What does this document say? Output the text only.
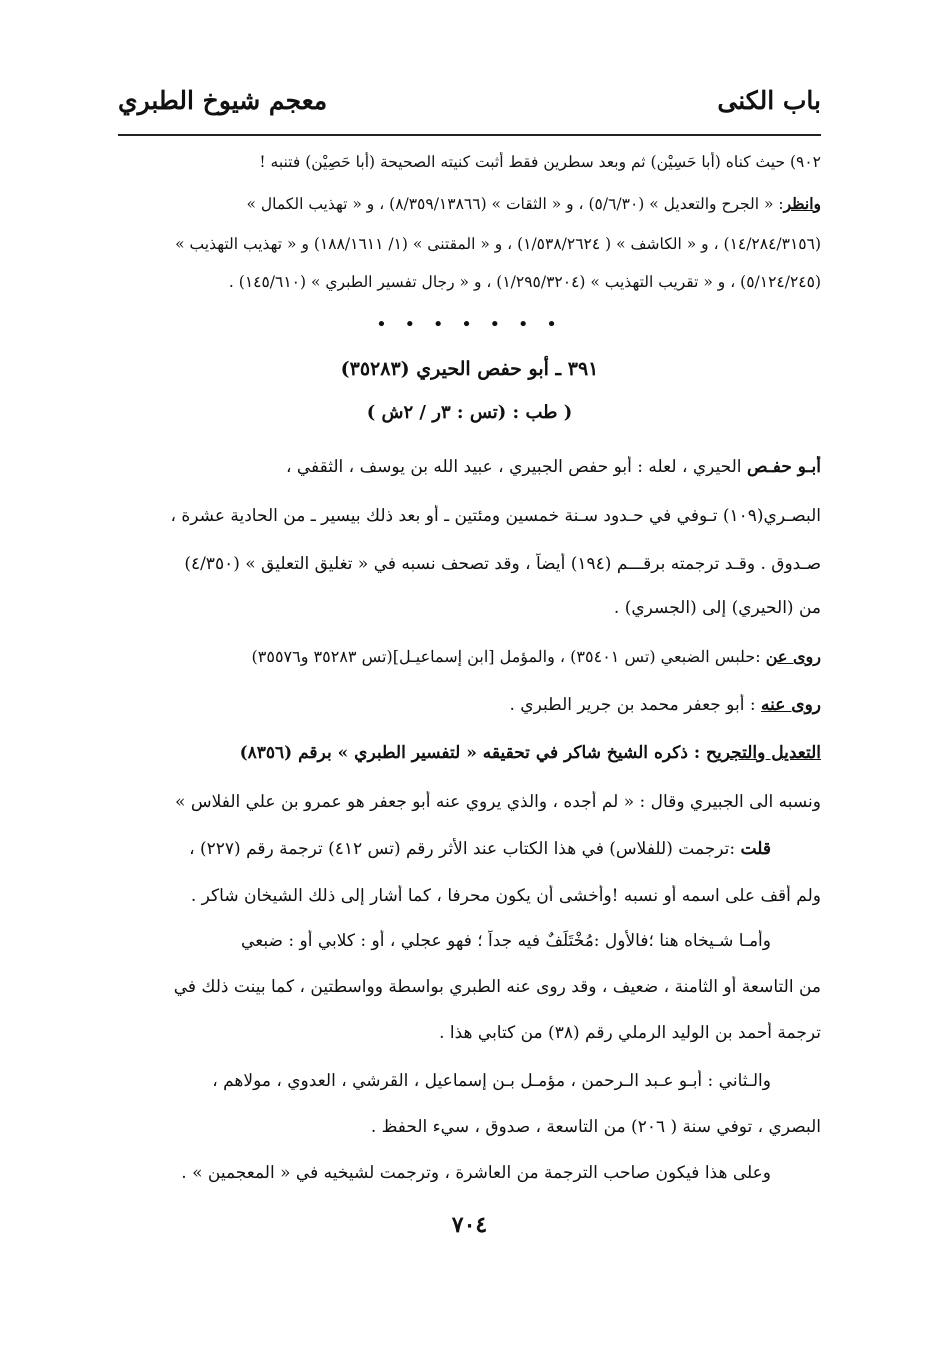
باب الكنى
معجم شيوخ الطبري
٩٠٢) حيث كناه (أبا حَسِيْن) ثم وبعد سطرين فقط أثبت كنيته الصحيحة (أبا حَصِيْن) فتنبه !
وانظر: « الجرح والتعديل » (٥/٦/٣٠) ، و « الثقات » (٨/٣٥٩/١٣٨٦٦) ، و « تهذيب الكمال »
(١٤/٢٨٤/٣١٥٦) ، و « الكاشف » ( ١/٥٣٨/٢٦٢٤) ، و « المقتنى » (١/ ١٨٨/١٦١١) و « تهذيب التهذيب »
(٥/١٢٤/٢٤٥) ، و « تقريب التهذيب » (١/٢٩٥/٣٢٠٤) ، و « رجال تفسير الطبري » (١٤٥/٦١٠) .
• • • • • • •
٣٩١ ـ أبو حفص الحيري (٣٥٢٨٣)
( طب : (تس : ٣ر / ٢ش )
أبـو حفـص الحيري ، لعله : أبو حفص الجبيري ، عبيد الله بن يوسف ، الثقفي ،
البصـري(١٠٩) تـوفي في حـدود سـنة خمسين ومئتين ـ أو بعد ذلك بيسير ـ من الحادية عشرة ،
صـدوق . وقـد ترجمته برقـــم (١٩٤) أيضاً ، وقد تصحف نسبه في « تغليق التعليق » (٤/٣٥٠)
من (الحيري) إلى (الجسري) .
روى عن :حلبس الضبعي (تس ٣٥٤٠١) ، والمؤمل [ابن إسماعيـل](تس ٣٥٢٨٣ و٣٥٥٧٦)
روى عنه : أبو جعفر محمد بن جرير الطبري .
التعديل والتجريح : ذكره الشيخ شاكر في تحقيقه « لتفسير الطبري » برقم (٨٣٥٦)
ونسبه الى الجبيري وقال : « لم أجده ، والذي يروي عنه أبو جعفر هو عمرو بن علي الفلاس »
قلت :ترجمت (للفلاس) في هذا الكتاب عند الأثر رقم (تس ٤١٢) ترجمة رقم (٢٢٧) ،
ولم أقف على اسمه أو نسبه !وأخشى أن يكون محرفا ، كما أشار إلى ذلك الشيخان شاكر .
وأمـا شـيخاه هنا ؛فالأول :مُخْتَلَفٌ فيه جداً ؛ فهو عجلي ، أو : كلابي أو : ضبعي
من التاسعة أو الثامنة ، ضعيف ، وقد روى عنه الطبري بواسطة وواسطتين ، كما بينت ذلك في
ترجمة أحمد بن الوليد الرملي رقم (٣٨) من كتابي هذا .
والـثاني : أبـو عـبد الـرحمن ، مؤمـل بـن إسماعيل ، القرشي ، العدوي ، مولاهم ،
البصري ، توفي سنة ( ٢٠٦) من التاسعة ، صدوق ، سيء الحفظ .
وعلى هذا فيكون صاحب الترجمة من العاشرة ، وترجمت لشيخيه في « المعجمين » .
٧٠٤
